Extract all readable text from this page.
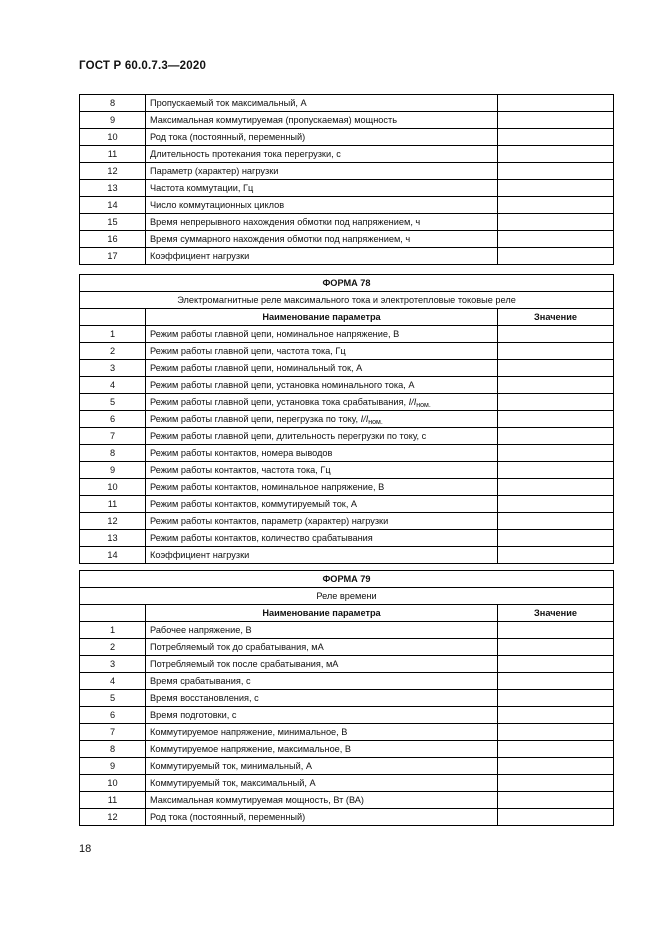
ГОСТ Р 60.0.7.3—2020
8	Пропускаемый ток максимальный, А	
9	Максимальная коммутируемая (пропускаемая) мощность	
10	Род тока (постоянный, переменный)	
11	Длительность протекания тока перегрузки, с	
12	Параметр (характер) нагрузки	
13	Частота коммутации, Гц	
14	Число коммутационных циклов	
15	Время непрерывного нахождения обмотки под напряжением, ч	
16	Время суммарного нахождения обмотки под напряжением, ч	
17	Коэффициент нагрузки	
ФОРМА 78		
Электромагнитные реле максимального тока и электротепловые токовые реле		
	Наименование параметра	Значение
1	Режим работы главной цепи, номинальное напряжение, В	
2	Режим работы главной цепи, частота тока, Гц	
3	Режим работы главной цепи, номинальный ток, А	
4	Режим работы главной цепи, установка номинального тока, А	
5	Режим работы главной цепи, установка тока срабатывания, $I/I_{ном.}$	
6	Режим работы главной цепи, перегрузка по току, $I/I_{ном.}$	
7	Режим работы главной цепи, длительность перегрузки по току, с	
8	Режим работы контактов, номера выводов	
9	Режим работы контактов, частота тока, Гц	
10	Режим работы контактов, номинальное напряжение, В	
11	Режим работы контактов, коммутируемый ток, А	
12	Режим работы контактов, параметр (характер) нагрузки	
13	Режим работы контактов, количество срабатывания	
14	Коэффициент нагрузки	
ФОРМА 79		
Реле времени		
	Наименование параметра	Значение
1	Рабочее напряжение, В	
2	Потребляемый ток до срабатывания, мА	
3	Потребляемый ток после срабатывания, мА	
4	Время срабатывания, с	
5	Время восстановления, с	
6	Время подготовки, с	
7	Коммутируемое напряжение, минимальное, В	
8	Коммутируемое напряжение, максимальное, В	
9	Коммутируемый ток, минимальный, А	
10	Коммутируемый ток, максимальный, А	
11	Максимальная коммутируемая мощность, Вт (ВА)	
12	Род тока (постоянный, переменный)	
18
